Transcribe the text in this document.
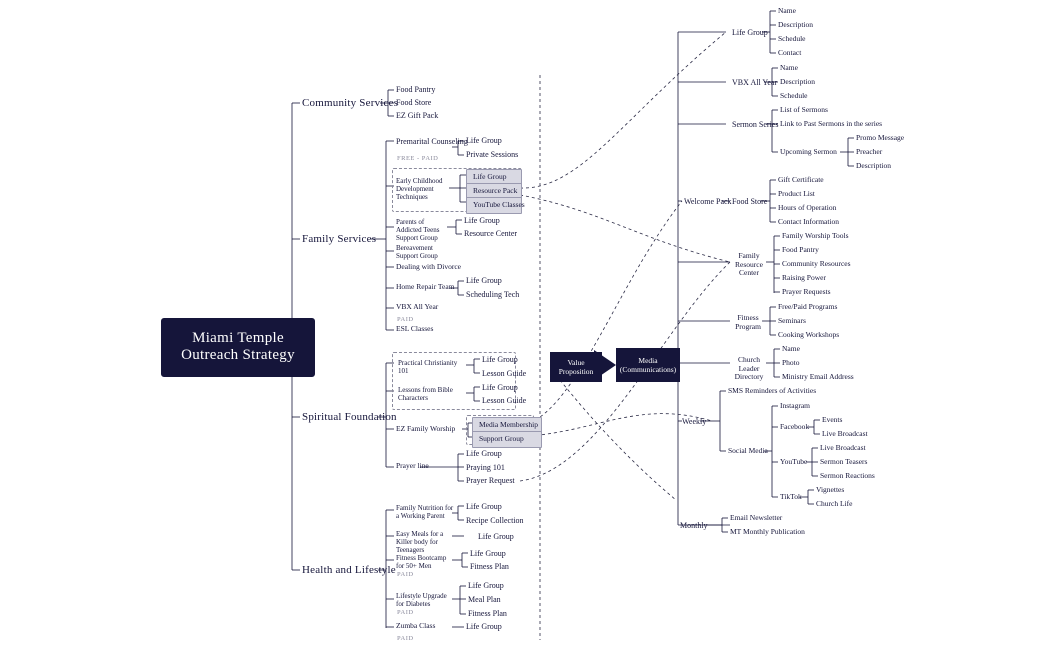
Miami Temple Outreach Strategy
Community Services
Family Services
Spiritual Foundation
Health and Lifestyle
Food Pantry
Food Store
EZ Gift Pack
Premarital Counseling
FREE - PAID
Life Group
Private Sessions
Early Childhood Development Techniques
Life Group
Resource Pack
YouTube Classes
Parents of Addicted Teens Support Group
Life Group
Resource Center
Bereavement Support Group
Dealing with Divorce
Home Repair Team
Life Group
Scheduling Tech
VBX All Year
PAID
ESL Classes
Practical Christianity 101
Life Group
Lesson Guide
Lessons from Bible Characters
Life Group
Lesson Guide
EZ Family Worship	Media Membership
Support Group
Prayer line
Life Group
Praying 101
Prayer Request
Family Nutrition for a Working Parent
Life Group
Recipe Collection
Easy Meals for a Killer body for Teenagers
Life Group
Fitness Bootcamp for 50+ Men
PAID
Life Group
Fitness Plan
Lifestyle Upgrade for Diabetes
PAID
Life Group
Meal Plan
Fitness Plan
Zumba Class
PAID
Life Group
Value Proposition
Media (Communications)
Life Group
Name
Description
Schedule
Contact
VBX All Year
Name
Description
Schedule
Sermon Series
List of Sermons
Link to Past Sermons in the series
Upcoming Sermon
Promo Message
Preacher
Description
Welcome Pack Food Store
Gift Certificate
Product List
Hours of Operation
Contact Information
Family Resource Center
Family Worship Tools
Food Pantry
Community Resources
Raising Power
Prayer Requests
Fitness Program
Free/Paid Programs
Seminars
Cooking Workshops
Church Leader Directory
Name
Photo
Ministry Email Address
Weekly
SMS Reminders of Activities
Social Media
Instagram
Facebook
Events
Live Broadcast
YouTube
Live Broadcast
Sermon Teasers
Sermon Reactions
TikTok
Vignettes
Church Life
Monthly
Email Newsletter
MT Monthly Publication
